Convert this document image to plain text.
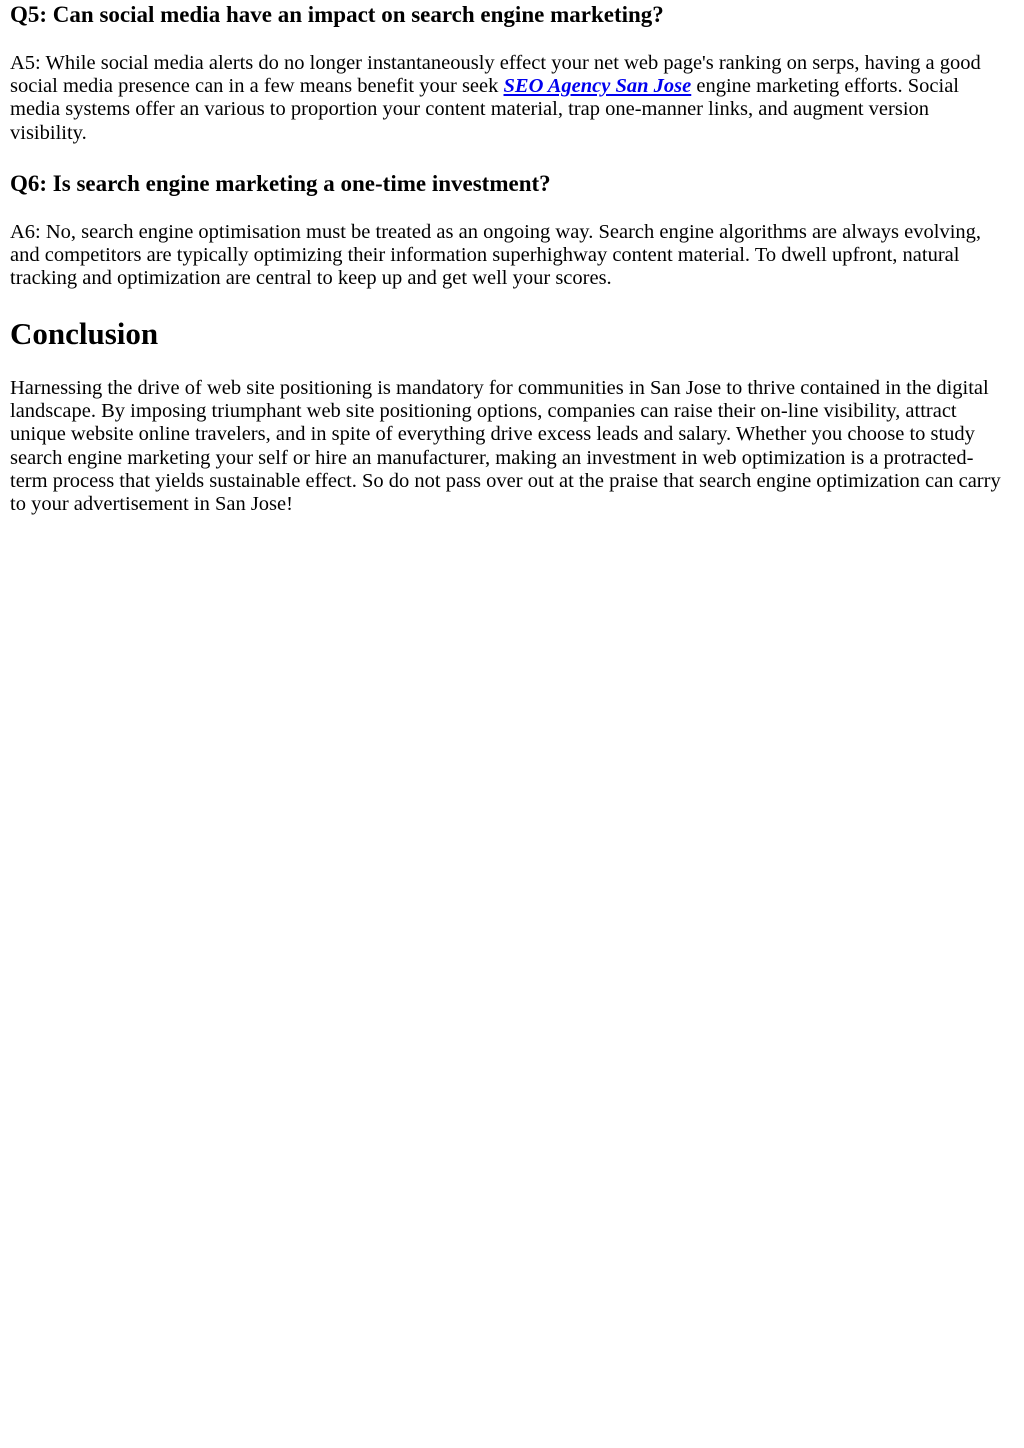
Q5: Can social media have an impact on search engine marketing?

A5: While social media alerts do no longer instantaneously effect your net web page's ranking on serps, having a good social media presence can in a few means benefit your seek SEO Agency San Jose engine marketing efforts. Social media systems offer an various to proportion your content material, trap one-manner links, and augment version visibility.

Q6: Is search engine marketing a one-time investment?

A6: No, search engine optimisation must be treated as an ongoing way. Search engine algorithms are always evolving, and competitors are typically optimizing their information superhighway content material. To dwell upfront, natural tracking and optimization are central to keep up and get well your scores.

Conclusion

Harnessing the drive of web site positioning is mandatory for communities in San Jose to thrive contained in the digital landscape. By imposing triumphant web site positioning options, companies can raise their on-line visibility, attract unique website online travelers, and in spite of everything drive excess leads and salary. Whether you choose to study search engine marketing your self or hire an manufacturer, making an investment in web optimization is a protracted-term process that yields sustainable effect. So do not pass over out at the praise that search engine optimization can carry to your advertisement in San Jose!
